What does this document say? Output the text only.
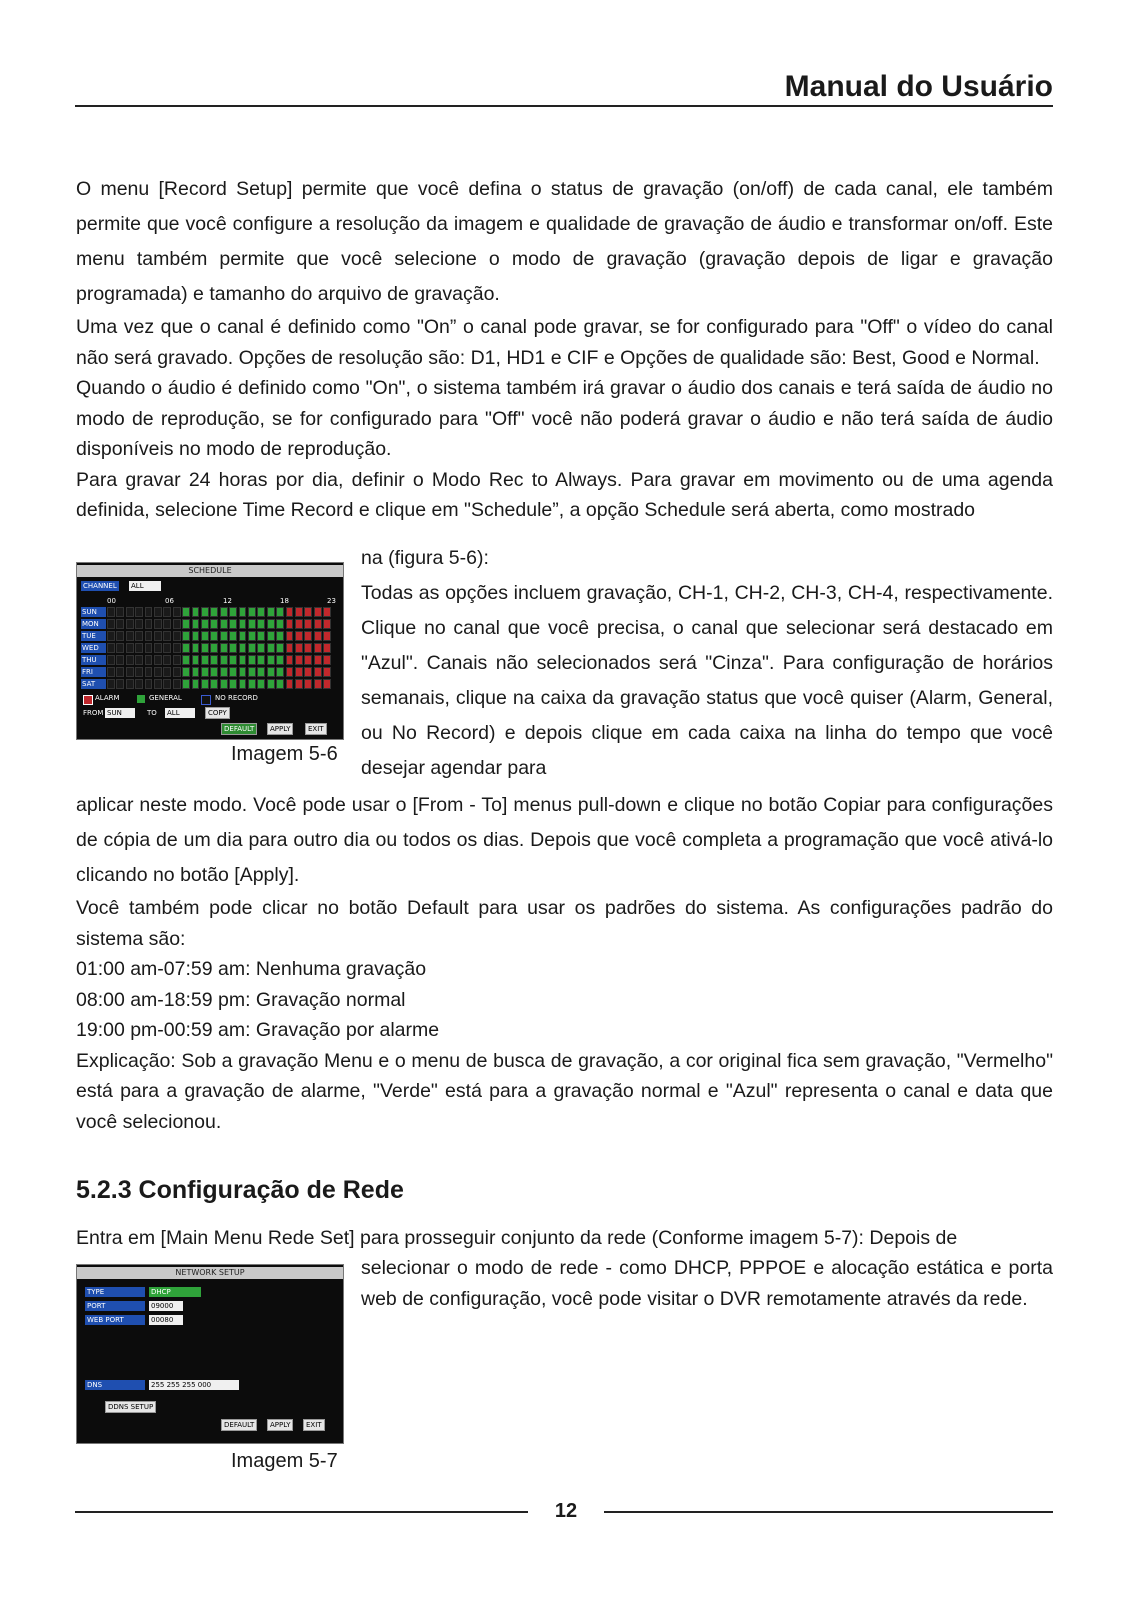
Manual do Usuário

O menu [Record Setup] permite que você defina o status de gravação (on/off) de cada canal, ele também permite que você configure a resolução da imagem e qualidade de gravação de áudio e transformar on/off. Este menu também permite que você selecione o modo de gravação (gravação depois de ligar e gravação programada) e tamanho do arquivo de gravação.

Uma vez que o canal é definido como "On” o canal pode gravar, se for configurado para "Off" o vídeo do canal não será gravado. Opções de resolução são: D1, HD1 e CIF e Opções de qualidade são: Best, Good e Normal.

Quando o áudio é definido como "On", o sistema também irá gravar o áudio dos canais e terá saída de áudio no modo de reprodução, se for configurado para "Off" você não poderá gravar o áudio e não terá saída de áudio disponíveis no modo de reprodução.

Para gravar 24 horas por dia, definir o Modo Rec to Always. Para gravar em movimento ou de uma agenda definida, selecione Time Record e clique em "Schedule”, a opção Schedule será aberta, como mostrado

SCHEDULE
CHANNEL ALL
00	06	12	18	23
SUN
MON
TUE
WED
THU
FRI
SAT
ALARM	GENERAL	NO RECORD
FROM SUN	TO ALL	COPY
DEFAULT	APPLY	EXIT
Imagem 5-6

na (figura 5-6):

Todas as opções incluem gravação, CH-1, CH-2, CH-3, CH-4, respectivamente. Clique no canal que você precisa, o canal que selecionar será destacado em "Azul". Canais não selecionados será "Cinza". Para configuração de horários semanais, clique na caixa da gravação status que você quiser (Alarm, General, ou No Record) e depois clique em cada caixa na linha do tempo que você desejar agendar para

aplicar neste modo. Você pode usar o [From - To] menus pull-down e clique no botão Copiar para configurações de cópia de um dia para outro dia ou todos os dias. Depois que você completa a programação que você ativá-lo clicando no botão [Apply].

Você também pode clicar no botão Default para usar os padrões do sistema. As configurações padrão do sistema são:

01:00 am-07:59 am: Nenhuma gravação

08:00 am-18:59 pm: Gravação normal

19:00 pm-00:59 am: Gravação por alarme

Explicação: Sob a gravação Menu e o menu de busca de gravação, a cor original fica sem gravação, "Vermelho" está para a gravação de alarme, "Verde" está para a gravação normal e "Azul" representa o canal e data que você selecionou.

5.2.3 Configuração de Rede

Entra em [Main Menu Rede Set] para prosseguir conjunto da rede (Conforme imagem 5-7): Depois de

NETWORK SETUP
TYPE	DHCP
PORT	09000
WEB PORT	00080
DNS	255 255 255 000
DDNS SETUP
DEFAULT	APPLY	EXIT
Imagem 5-7

selecionar o modo de rede - como DHCP, PPPOE e alocação estática e porta web de configuração, você pode visitar o DVR remotamente através da rede.

12
